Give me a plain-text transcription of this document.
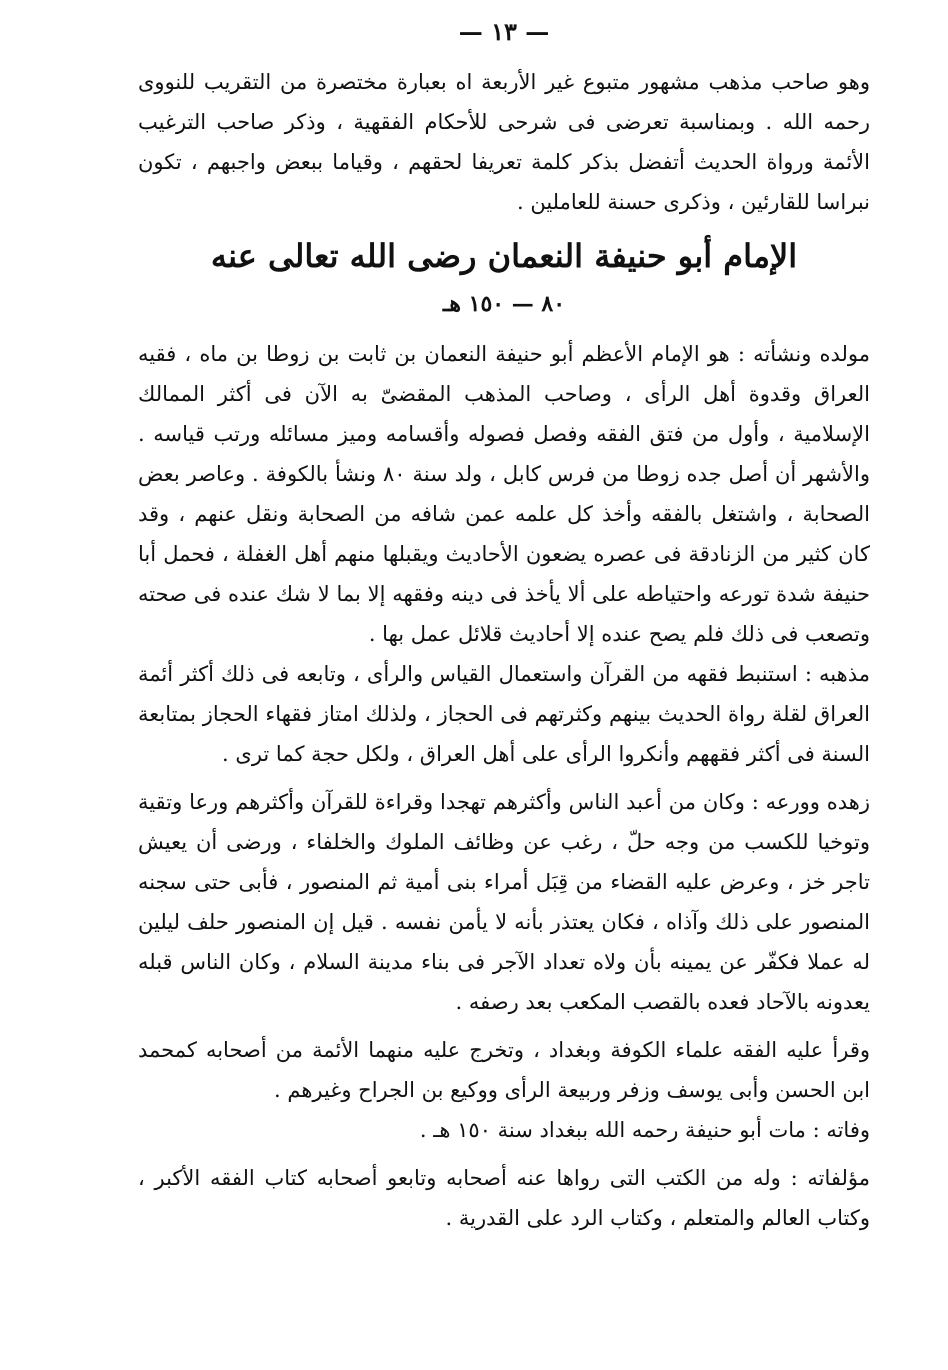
— ١٣ —

وهو صاحب مذهب مشهور متبوع غير الأربعة اه بعبارة مختصرة من التقريب للنووى رحمه الله . وبمناسبة تعرضى فى شرحى للأحكام الفقهية ، وذكر صاحب الترغيب الأئمة ورواة الحديث أتفضل بذكر كلمة تعريفا لحقهم ، وقياما ببعض واجبهم ، تكون نبراسا للقارئين ، وذكرى حسنة للعاملين .

الإمام أبو حنيفة النعمان رضى الله تعالى عنه
٨٠ — ١٥٠ هـ

مولده ونشأته : هو الإمام الأعظم أبو حنيفة النعمان بن ثابت بن زوطا بن ماه ، فقيه العراق وقدوة أهل الرأى ، وصاحب المذهب المقضىّ به الآن فى أكثر الممالك الإسلامية ، وأول من فتق الفقه وفصل فصوله وأقسامه وميز مسائله ورتب قياسه . والأشهر أن أصل جده زوطا من فرس كابل ، ولد سنة ٨٠ ونشأ بالكوفة . وعاصر بعض الصحابة ، واشتغل بالفقه وأخذ كل علمه عمن شافه من الصحابة ونقل عنهم ، وقد كان كثير من الزنادقة فى عصره يضعون الأحاديث ويقبلها منهم أهل الغفلة ، فحمل أبا حنيفة شدة تورعه واحتياطه على ألا يأخذ فى دينه وفقهه إلا بما لا شك عنده فى صحته وتصعب فى ذلك فلم يصح عنده إلا أحاديث قلائل عمل بها .

مذهبه : استنبط فقهه من القرآن واستعمال القياس والرأى ، وتابعه فى ذلك أكثر أئمة العراق لقلة رواة الحديث بينهم وكثرتهم فى الحجاز ، ولذلك امتاز فقهاء الحجاز بمتابعة السنة فى أكثر فقههم وأنكروا الرأى على أهل العراق ، ولكل حجة كما ترى .

زهده وورعه : وكان من أعبد الناس وأكثرهم تهجدا وقراءة للقرآن وأكثرهم ورعا وتقية وتوخيا للكسب من وجه حلّ ، رغب عن وظائف الملوك والخلفاء ، ورضى أن يعيش تاجر خز ، وعرض عليه القضاء من قِبَل أمراء بنى أمية ثم المنصور ، فأبى حتى سجنه المنصور على ذلك وآذاه ، فكان يعتذر بأنه لا يأمن نفسه . قيل إن المنصور حلف ليلين له عملا فكفّر عن يمينه بأن ولاه تعداد الآجر فى بناء مدينة السلام ، وكان الناس قبله يعدونه بالآحاد فعده بالقصب المكعب بعد رصفه .

وقرأ عليه الفقه علماء الكوفة وبغداد ، وتخرج عليه منهما الأئمة من أصحابه كمحمد ابن الحسن وأبى يوسف وزفر وربيعة الرأى ووكيع بن الجراح وغيرهم .

وفاته : مات أبو حنيفة رحمه الله ببغداد سنة ١٥٠ هـ .

مؤلفاته : وله من الكتب التى رواها عنه أصحابه وتابعو أصحابه كتاب الفقه الأكبر ، وكتاب العالم والمتعلم ، وكتاب الرد على القدرية .
